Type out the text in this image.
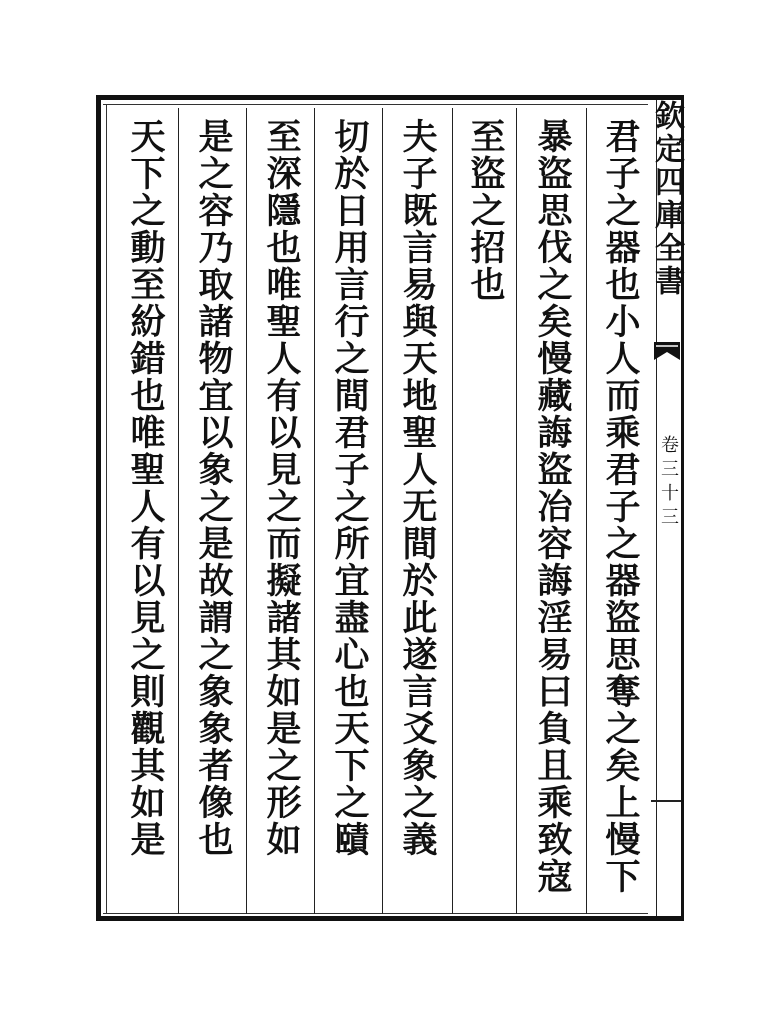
君子之器也小人而乘君子之器盜思奪之矣上慢下
暴盜思伐之矣慢藏誨盜冶容誨淫易曰負且乘致寇
至盜之招也
夫子既言易與天地聖人无間於此遂言爻象之義
切於日用言行之間君子之所宜盡心也天下之賾
至深隱也唯聖人有以見之而擬諸其如是之形如
是之容乃取諸物宜以象之是故謂之象象者像也
天下之動至紛錯也唯聖人有以見之則觀其如是	欽定四庫全書
卷三十三
